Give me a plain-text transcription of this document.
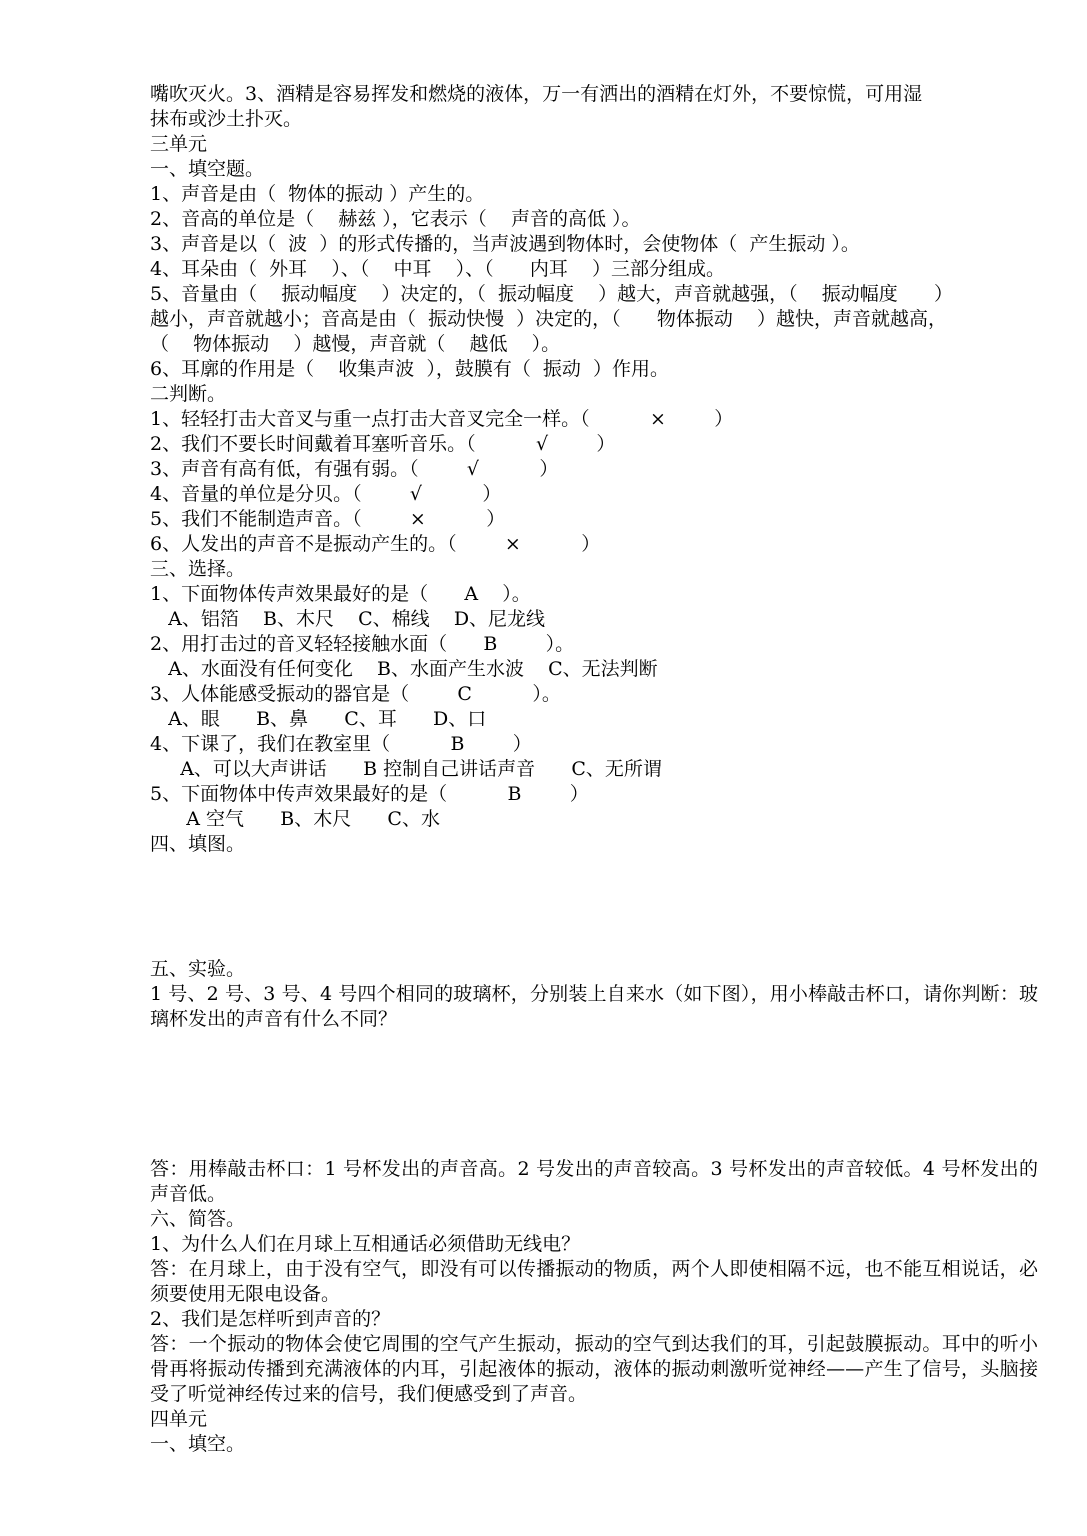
嘴吹灭火。3、酒精是容易挥发和燃烧的液体，万一有洒出的酒精在灯外，不要惊慌，可用湿
抹布或沙土扑灭。
三单元
一、填空题。
1、声音是由（  物体的振动 ）产生的。
2、音高的单位是（    赫兹 ），它表示（    声音的高低 ）。
3、声音是以（  波  ）的形式传播的，当声波遇到物体时，会使物体（  产生振动 ）。
4、耳朵由（  外耳    ）、（    中耳    ）、（      内耳    ）三部分组成。
5、音量由（    振动幅度    ）决定的，（  振动幅度    ）越大，声音就越强，（    振动幅度      ）
越小，声音就越小；音高是由（  振动快慢  ）决定的，（      物体振动    ）越快，声音就越高，
（    物体振动    ）越慢，声音就（    越低    ）。
6、耳廓的作用是（    收集声波  ），鼓膜有（  振动  ）作用。
二判断。
1、轻轻打击大音叉与重一点打击大音叉完全一样。（          ×        ）
2、我们不要长时间戴着耳塞听音乐。（          √        ）
3、声音有高有低，有强有弱。（        √          ）
4、音量的单位是分贝。（        √          ）
5、我们不能制造声音。（        ×          ）
6、人发出的声音不是振动产生的。（        ×          ）
三、选择。
1、下面物体传声效果最好的是（      A    ）。
A、铝箔    B、木尺    C、棉线    D、尼龙线
2、用打击过的音叉轻轻接触水面（      B        ）。
A、水面没有任何变化    B、水面产生水波    C、无法判断
3、人体能感受振动的器官是（        C          ）。
A、眼      B、鼻      C、耳      D、口
4、下课了，我们在教室里（          B        ）
A、可以大声讲话      B 控制自己讲话声音      C、无所谓
5、下面物体中传声效果最好的是（          B        ）
A 空气      B、木尺      C、水
四、填图。
五、实验。
1 号、2 号、3 号、4 号四个相同的玻璃杯，分别装上自来水（如下图），用小棒敲击杯口，请你判断：玻璃杯发出的声音有什么不同？
答：用棒敲击杯口：1 号杯发出的声音高。2 号发出的声音较高。3 号杯发出的声音较低。4 号杯发出的声音低。
六、简答。
1、为什么人们在月球上互相通话必须借助无线电？
答：在月球上，由于没有空气，即没有可以传播振动的物质，两个人即使相隔不远，也不能互相说话，必须要使用无限电设备。
2、我们是怎样听到声音的？
答：一个振动的物体会使它周围的空气产生振动，振动的空气到达我们的耳，引起鼓膜振动。耳中的听小骨再将振动传播到充满液体的内耳，引起液体的振动，液体的振动刺激听觉神经——产生了信号，头脑接受了听觉神经传过来的信号，我们便感受到了声音。
四单元
一、填空。
